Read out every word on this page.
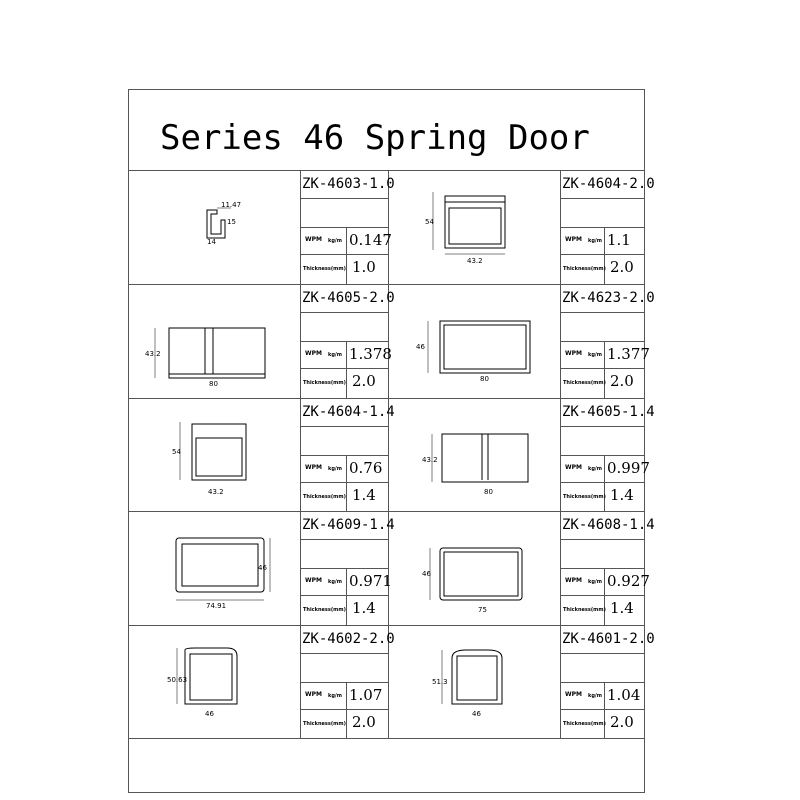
Series 46 Spring Door
ZK-4603-1.0
WPM kg/m 0.147
Thickness(mm) 1.0
ZK-4604-2.0
WPM kg/m 1.1
Thickness(mm) 2.0
ZK-4605-2.0
WPM kg/m 1.378
Thickness(mm) 2.0
ZK-4623-2.0
WPM kg/m 1.377
Thickness(mm) 2.0
ZK-4604-1.4
WPM kg/m 0.76
Thickness(mm) 1.4
ZK-4605-1.4
WPM kg/m 0.997
Thickness(mm) 1.4
ZK-4609-1.4
WPM kg/m 0.971
Thickness(mm) 1.4
ZK-4608-1.4
WPM kg/m 0.927
Thickness(mm) 1.4
ZK-4602-2.0
WPM kg/m 1.07
Thickness(mm) 2.0
ZK-4601-2.0
WPM kg/m 1.04
Thickness(mm) 2.0
11.47
15
14
54
43.2
43.2
80
46
80
54
43.2
43.2
80
46
74.91
46
75
50.63
46
51.3
46
